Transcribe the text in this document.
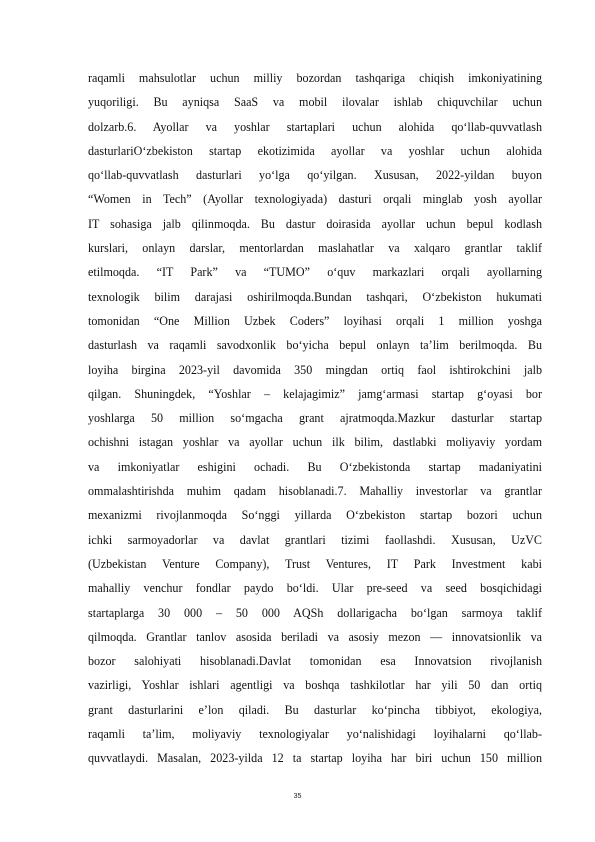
raqamli mahsulotlar uchun milliy bozordan tashqariga chiqish imkoniyatining
yuqoriligi. Bu ayniqsa SaaS va mobil ilovalar ishlab chiquvchilar uchun
dolzarb.6. Ayollar va yoshlar startaplari uchun alohida qo‘llab-quvvatlash
dasturlariO‘zbekiston startap ekotizimida ayollar va yoshlar uchun alohida
qo‘llab-quvvatlash dasturlari yo‘lga qo‘yilgan. Xususan, 2022-yildan buyon
“Women in Tech” (Ayollar texnologiyada) dasturi orqali minglab yosh ayollar
IT sohasiga jalb qilinmoqda. Bu dastur doirasida ayollar uchun bepul kodlash
kurslari, onlayn darslar, mentorlardan maslahatlar va xalqaro grantlar taklif
etilmoqda. “IT Park” va “TUMO” o‘quv markazlari orqali ayollarning
texnologik bilim darajasi oshirilmoqda.Bundan tashqari, O‘zbekiston hukumati
tomonidan “One Million Uzbek Coders” loyihasi orqali 1 million yoshga
dasturlash va raqamli savodxonlik bo‘yicha bepul onlayn ta’lim berilmoqda. Bu
loyiha birgina 2023-yil davomida 350 mingdan ortiq faol ishtirokchini jalb
qilgan. Shuningdek, “Yoshlar – kelajagimiz” jamg‘armasi startap g‘oyasi bor
yoshlarga 50 million so‘mgacha grant ajratmoqda.Mazkur dasturlar startap
ochishni istagan yoshlar va ayollar uchun ilk bilim, dastlabki moliyaviy yordam
va imkoniyatlar eshigini ochadi. Bu O‘zbekistonda startap madaniyatini
ommalashtirishda muhim qadam hisoblanadi.7. Mahalliy investorlar va grantlar
mexanizmi rivojlanmoqda So‘nggi yillarda O‘zbekiston startap bozori uchun
ichki sarmoyadorlar va davlat grantlari tizimi faollashdi. Xususan, UzVC
(Uzbekistan Venture Company), Trust Ventures, IT Park Investment kabi
mahalliy venchur fondlar paydo bo‘ldi. Ular pre-seed va seed bosqichidagi
startaplarga 30 000 – 50 000 AQSh dollarigacha bo‘lgan sarmoya taklif
qilmoqda. Grantlar tanlov asosida beriladi va asosiy mezon — innovatsionlik va
bozor salohiyati hisoblanadi.Davlat tomonidan esa Innovatsion rivojlanish
vazirligi, Yoshlar ishlari agentligi va boshqa tashkilotlar har yili 50 dan ortiq
grant dasturlarini e’lon qiladi. Bu dasturlar ko‘pincha tibbiyot, ekologiya,
raqamli ta’lim, moliyaviy texnologiyalar yo‘nalishidagi loyihalarni qo‘llab-
quvvatlaydi. Masalan, 2023-yilda 12 ta startap loyiha har biri uchun 150 million
35
